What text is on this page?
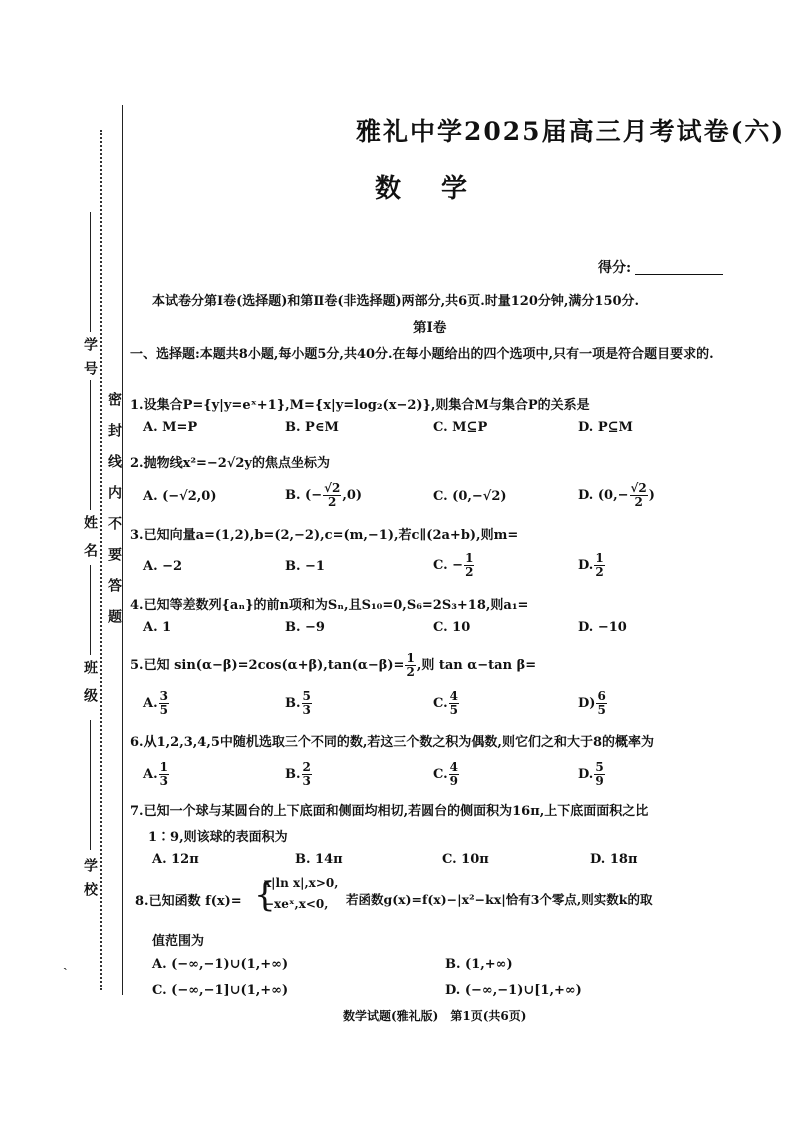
密封线内不要答题
学号
姓名
班级
学校
ˎ
雅礼中学2025届高三月考试卷(六)
数学
得分:
本试卷分第Ⅰ卷(选择题)和第Ⅱ卷(非选择题)两部分,共6页.时量120分钟,满分150分.
第Ⅰ卷
一、选择题:本题共8小题,每小题5分,共40分.在每小题给出的四个选项中,只有一项是符合题目要求的.
1.设集合P={y|y=eˣ+1},M={x|y=log₂(x−2)},则集合M与集合P的关系是
A. M=P	B. P∈M	C. M⊆P	D. P⊆M
2.抛物线x²=−2√2y的焦点坐标为
A. (−√2,0)	B. (− $\frac{√2}{2} ,0$)	C. (0,−√2)	D. ($0,- \frac{√2}{2}$ )
3.已知向量a=(1,2),b=(2,−2),c=(m,−1),若c∥(2a+b),则m=
A. −2	B. −1	C. − $\frac{1}{2}$	D. $\frac{1}{2}$
4.已知等差数列{aₙ}的前n项和为Sₙ,且S₁₀=0,S₆=2S₃+18,则a₁=
A. 1	B. −9	C. 10	D. −10
5.已知 $\sin(\alpha-\beta)=2\cos(\alpha+\beta),\tan(\alpha-\beta)= \frac{1}{2}$ ,则 tan α−tan β=
A. $\frac{3}{5}$	B. $\frac{5}{3}$	C. $\frac{4}{5}$	$D) \frac{6}{5}$
6.从1,2,3,4,5中随机选取三个不同的数,若这三个数之积为偶数,则它们之和大于8的概率为
A. $\frac{1}{3}$	B. $\frac{2}{3}$	C. $\frac{4}{9}$	D. $\frac{5}{9}$
7.已知一个球与某圆台的上下底面和侧面均相切,若圆台的侧面积为16π,上下底面面积之比
1∶9,则该球的表面积为
A. 12π	B. 14π	C. 10π	D. 18π
8.已知函数 f(x)= {
x|ln x|,x>0,
−xeˣ,x<0, 若函数g(x)=f(x)−|x²−kx|恰有3个零点,则实数k的取
值范围为
A. (−∞,−1)∪(1,+∞)	B. (1,+∞)
C. (−∞,−1]∪(1,+∞)	D. (−∞,−1)∪[1,+∞)
数学试题(雅礼版)　第1页(共6页)
